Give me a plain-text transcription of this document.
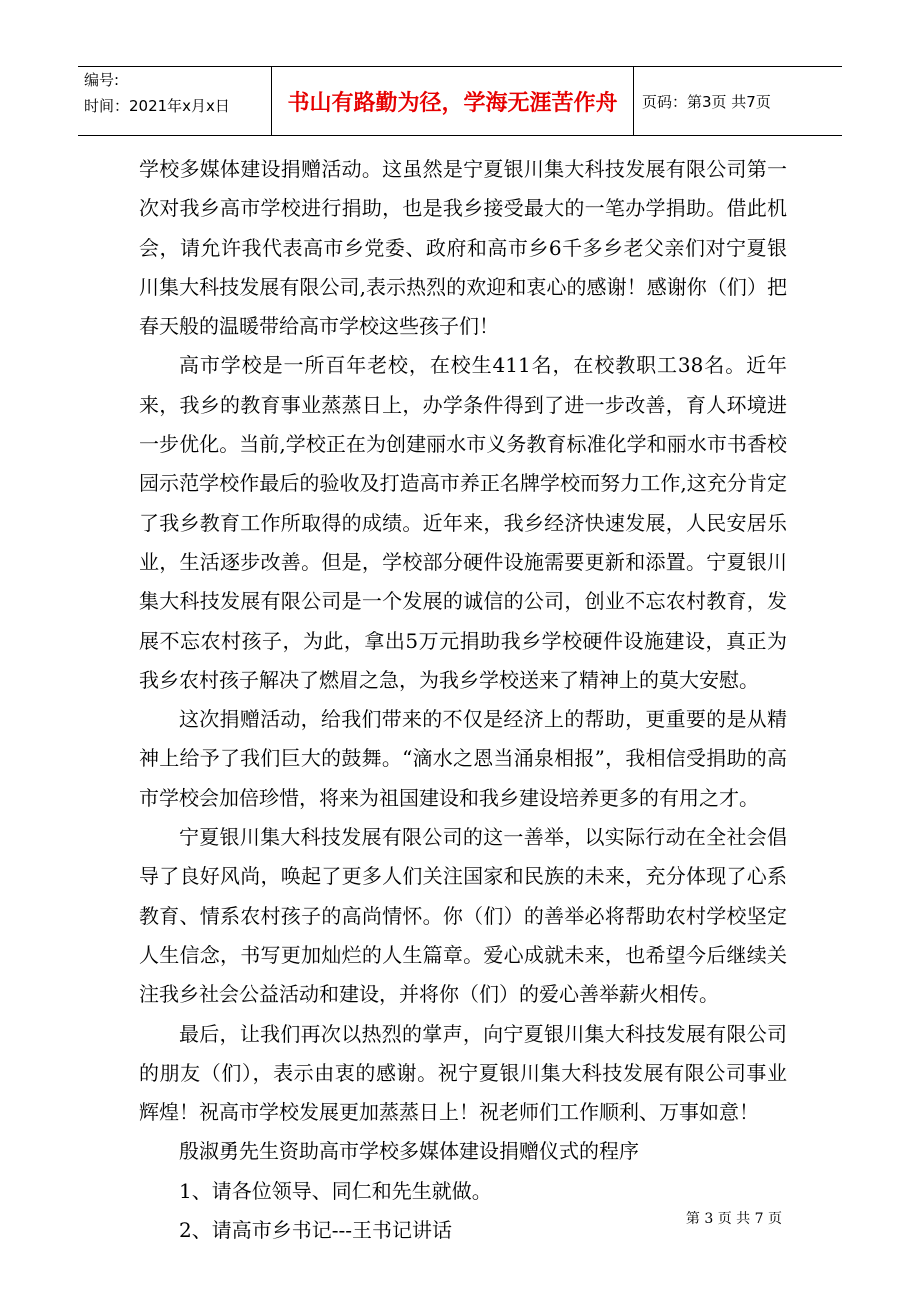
编号:
时间：2021年x月x日	书山有路勤为径，学海无涯苦作舟	页码：第3页 共7页

学校多媒体建设捐赠活动。这虽然是宁夏银川集大科技发展有限公司第一次对我乡高市学校进行捐助，也是我乡接受最大的一笔办学捐助。借此机会，请允许我代表高市乡党委、政府和高市乡6千多乡老父亲们对宁夏银川集大科技发展有限公司,表示热烈的欢迎和衷心的感谢！感谢你（们）把春天般的温暖带给高市学校这些孩子们！

高市学校是一所百年老校，在校生411名，在校教职工38名。近年来，我乡的教育事业蒸蒸日上，办学条件得到了进一步改善，育人环境进一步优化。当前,学校正在为创建丽水市义务教育标准化学和丽水市书香校园示范学校作最后的验收及打造高市养正名牌学校而努力工作,这充分肯定了我乡教育工作所取得的成绩。近年来，我乡经济快速发展，人民安居乐业，生活逐步改善。但是，学校部分硬件设施需要更新和添置。宁夏银川集大科技发展有限公司是一个发展的诚信的公司，创业不忘农村教育，发展不忘农村孩子，为此，拿出5万元捐助我乡学校硬件设施建设，真正为我乡农村孩子解决了燃眉之急，为我乡学校送来了精神上的莫大安慰。

这次捐赠活动，给我们带来的不仅是经济上的帮助，更重要的是从精神上给予了我们巨大的鼓舞。“滴水之恩当涌泉相报”，我相信受捐助的高市学校会加倍珍惜，将来为祖国建设和我乡建设培养更多的有用之才。

宁夏银川集大科技发展有限公司的这一善举，以实际行动在全社会倡导了良好风尚，唤起了更多人们关注国家和民族的未来，充分体现了心系教育、情系农村孩子的高尚情怀。你（们）的善举必将帮助农村学校坚定人生信念，书写更加灿烂的人生篇章。爱心成就未来，也希望今后继续关注我乡社会公益活动和建设，并将你（们）的爱心善举薪火相传。

最后，让我们再次以热烈的掌声，向宁夏银川集大科技发展有限公司的朋友（们），表示由衷的感谢。祝宁夏银川集大科技发展有限公司事业辉煌！祝高市学校发展更加蒸蒸日上！祝老师们工作顺利、万事如意！

殷淑勇先生资助高市学校多媒体建设捐赠仪式的程序

1、请各位领导、同仁和先生就做。

2、请高市乡书记---王书记讲话	第 3 页 共 7 页
